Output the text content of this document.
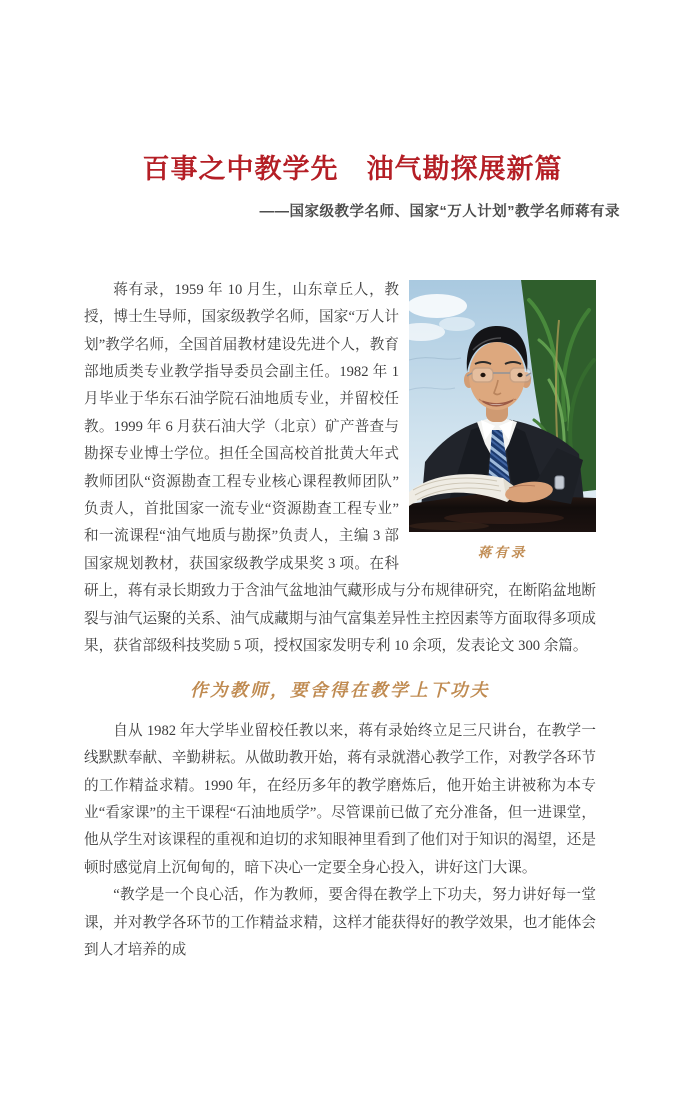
百事之中教学先　油气勘探展新篇
——国家级教学名师、国家“万人计划”教学名师蒋有录
蒋有录

蒋有录，1959 年 10 月生，山东章丘人，教授，博士生导师，国家级教学名师，国家“万人计划”教学名师，全国首届教材建设先进个人，教育部地质类专业教学指导委员会副主任。1982 年 1 月毕业于华东石油学院石油地质专业，并留校任教。1999 年 6 月获石油大学（北京）矿产普查与勘探专业博士学位。担任全国高校首批黄大年式教师团队“资源勘查工程专业核心课程教师团队”负责人，首批国家一流专业“资源勘查工程专业”和一流课程“油气地质与勘探”负责人，主编 3 部国家规划教材，获国家级教学成果奖 3 项。在科研上，蒋有录长期致力于含油气盆地油气藏形成与分布规律研究，在断陷盆地断裂与油气运聚的关系、油气成藏期与油气富集差异性主控因素等方面取得多项成果，获省部级科技奖励 5 项，授权国家发明专利 10 余项，发表论文 300 余篇。

作为教师，要舍得在教学上下功夫

自从 1982 年大学毕业留校任教以来，蒋有录始终立足三尺讲台，在教学一线默默奉献、辛勤耕耘。从做助教开始，蒋有录就潜心教学工作，对教学各环节的工作精益求精。1990 年，在经历多年的教学磨炼后，他开始主讲被称为本专业“看家课”的主干课程“石油地质学”。尽管课前已做了充分准备，但一进课堂，他从学生对该课程的重视和迫切的求知眼神里看到了他们对于知识的渴望，还是顿时感觉肩上沉甸甸的，暗下决心一定要全身心投入，讲好这门大课。

“教学是一个良心活，作为教师，要舍得在教学上下功夫，努力讲好每一堂课，并对教学各环节的工作精益求精，这样才能获得好的教学效果，也才能体会到人才培养的成
